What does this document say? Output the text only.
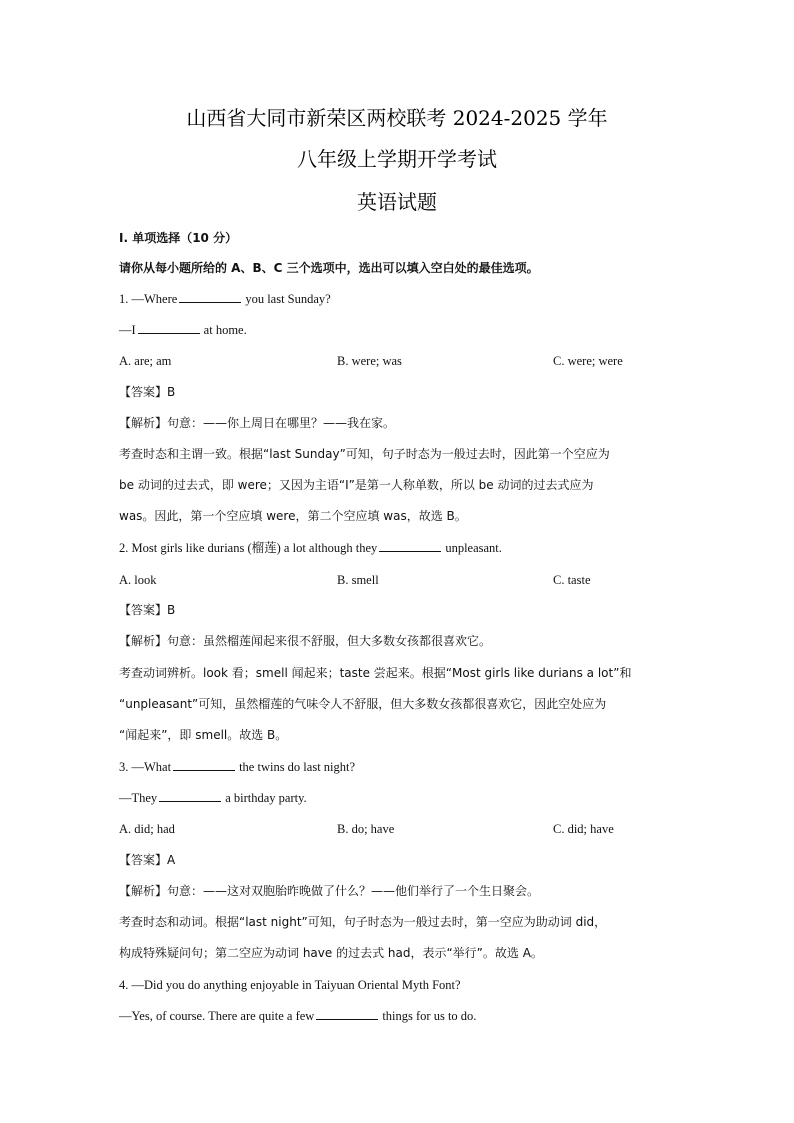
山西省大同市新荣区两校联考 2024-2025 学年
八年级上学期开学考试
英语试题
I. 单项选择（10 分）
请你从每小题所给的 A、B、C 三个选项中，选出可以填入空白处的最佳选项。
1. —Where	you last Sunday?
—I	at home.
A. are; am	B. were; was	C. were; were
【答案】B
【解析】句意：——你上周日在哪里？——我在家。
考查时态和主谓一致。根据“last Sunday”可知，句子时态为一般过去时，因此第一个空应为
be 动词的过去式，即 were；又因为主语“I”是第一人称单数，所以 be 动词的过去式应为
was。因此，第一个空应填 were，第二个空应填 was，故选 B。
2. Most girls like durians (榴莲) a lot although they	unpleasant.
A. look	B. smell	C. taste
【答案】B
【解析】句意：虽然榴莲闻起来很不舒服，但大多数女孩都很喜欢它。
考查动词辨析。look 看；smell 闻起来；taste 尝起来。根据“Most girls like durians a lot”和
“unpleasant”可知，虽然榴莲的气味令人不舒服，但大多数女孩都很喜欢它，因此空处应为
“闻起来”，即 smell。故选 B。
3. —What	the twins do last night?
—They	a birthday party.
A. did; had	B. do; have	C. did; have
【答案】A
【解析】句意：——这对双胞胎昨晚做了什么？——他们举行了一个生日聚会。
考查时态和动词。根据“last night”可知，句子时态为一般过去时，第一空应为助动词 did，
构成特殊疑问句；第二空应为动词 have 的过去式 had，表示“举行”。故选 A。
4. —Did you do anything enjoyable in Taiyuan Oriental Myth Font?
—Yes, of course. There are quite a few	things for us to do.
